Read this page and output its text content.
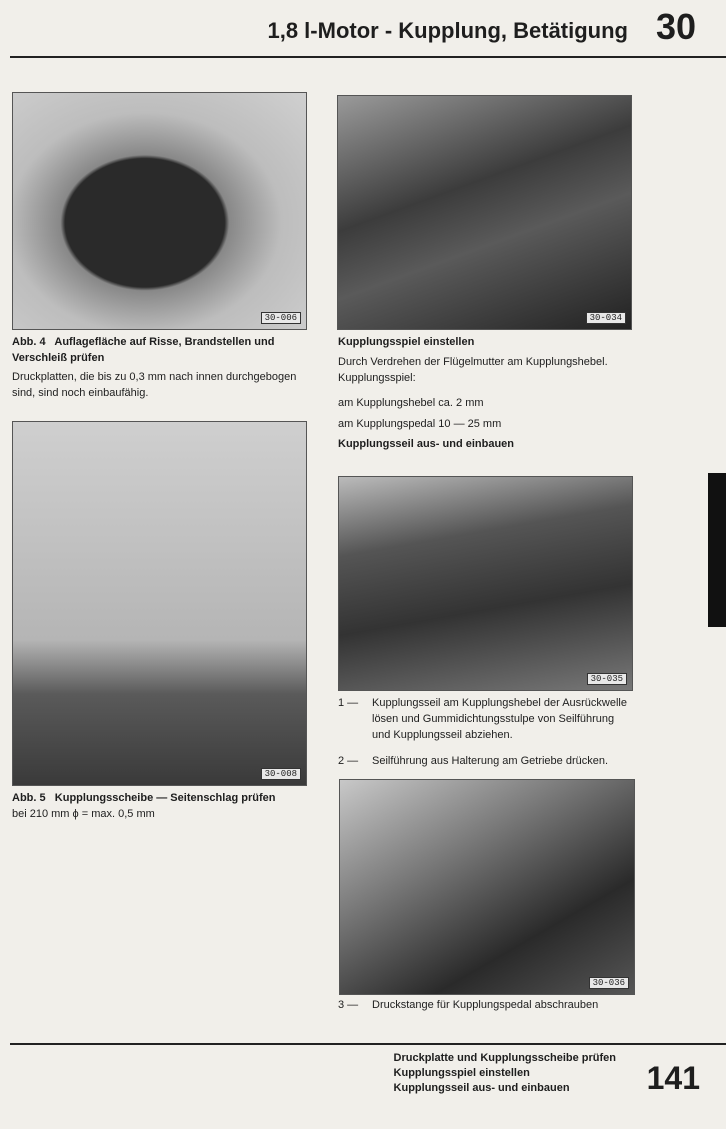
1,8 l-Motor - Kupplung, Betätigung 30
30-006
Abb. 4 Auflagefläche auf Risse, Brandstellen und Verschleiß prüfen
Druckplatten, die bis zu 0,3 mm nach innen durchgebogen sind, sind noch einbaufähig.
30-008
Abb. 5 Kupplungsscheibe — Seitenschlag prüfen
bei 210 mm ϕ = max. 0,5 mm
30-034
Kupplungsspiel einstellen
Durch Verdrehen der Flügelmutter am Kupplungshebel.
Kupplungsspiel:
am Kupplungshebel ca. 2 mm
am Kupplungspedal 10 — 25 mm
Kupplungsseil aus- und einbauen
30-035
1 —	Kupplungsseil am Kupplungshebel der Ausrückwelle lösen und Gummidichtungsstulpe von Seilführung und Kupplungsseil abziehen.
2 —	Seilführung aus Halterung am Getriebe drücken.
30-036
3 —	Druckstange für Kupplungspedal abschrauben
Druckplatte und Kupplungsscheibe prüfen
Kupplungsspiel einstellen
Kupplungsseil aus- und einbauen	141
